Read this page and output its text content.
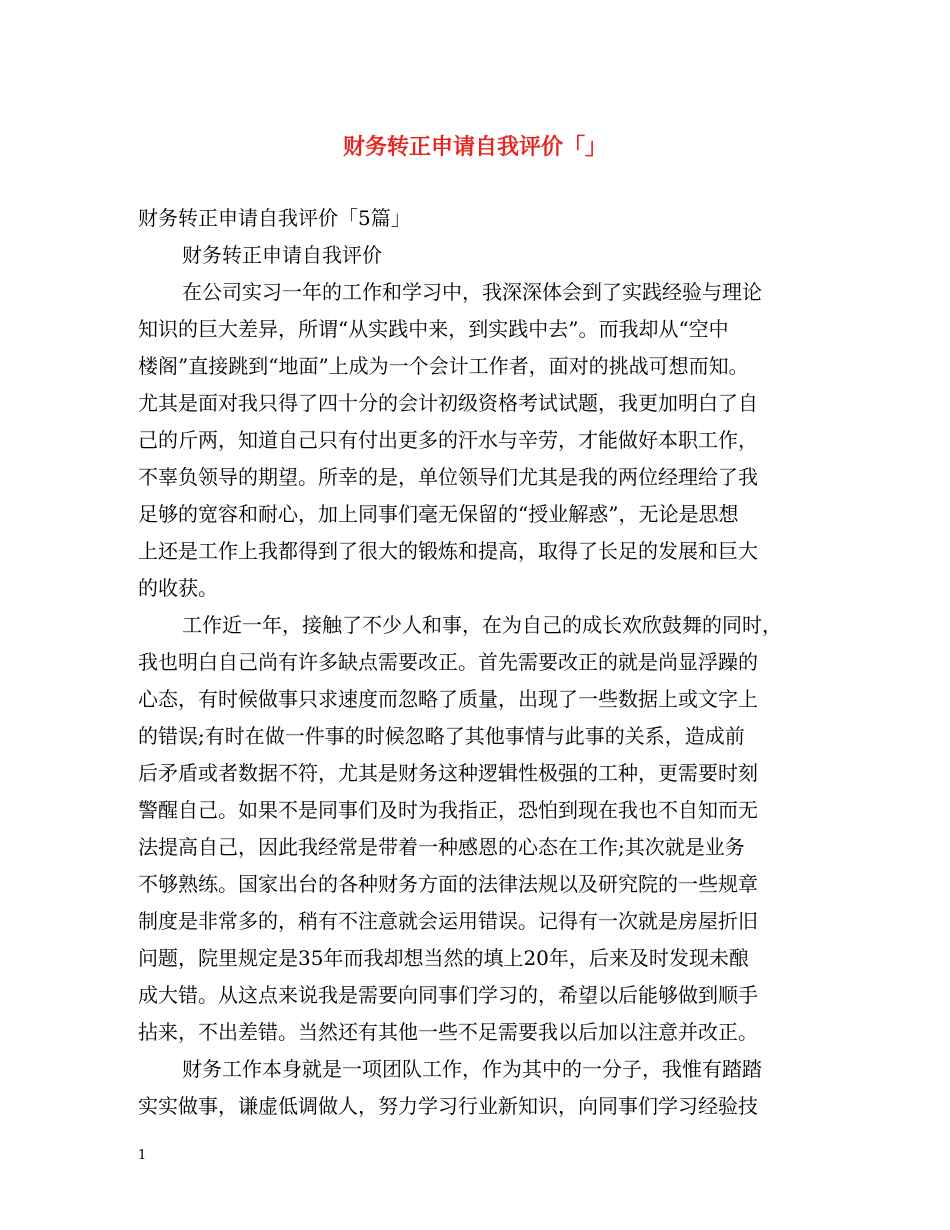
财务转正申请自我评价「」

财务转正申请自我评价「5篇」

财务转正申请自我评价

在公司实习一年的工作和学习中，我深深体会到了实践经验与理论

知识的巨大差异，所谓“从实践中来，到实践中去”。而我却从“空中

楼阁”直接跳到“地面”上成为一个会计工作者，面对的挑战可想而知。

尤其是面对我只得了四十分的会计初级资格考试试题，我更加明白了自

己的斤两，知道自己只有付出更多的汗水与辛劳，才能做好本职工作，

不辜负领导的期望。所幸的是，单位领导们尤其是我的两位经理给了我

足够的宽容和耐心，加上同事们毫无保留的“授业解惑”，无论是思想

上还是工作上我都得到了很大的锻炼和提高，取得了长足的发展和巨大

的收获。

工作近一年，接触了不少人和事，在为自己的成长欢欣鼓舞的同时，

我也明白自己尚有许多缺点需要改正。首先需要改正的就是尚显浮躁的

心态，有时候做事只求速度而忽略了质量，出现了一些数据上或文字上

的错误;有时在做一件事的时候忽略了其他事情与此事的关系，造成前

后矛盾或者数据不符，尤其是财务这种逻辑性极强的工种，更需要时刻

警醒自己。如果不是同事们及时为我指正，恐怕到现在我也不自知而无

法提高自己，因此我经常是带着一种感恩的心态在工作;其次就是业务

不够熟练。国家出台的各种财务方面的法律法规以及研究院的一些规章

制度是非常多的，稍有不注意就会运用错误。记得有一次就是房屋折旧

问题，院里规定是35年而我却想当然的填上20年，后来及时发现未酿

成大错。从这点来说我是需要向同事们学习的，希望以后能够做到顺手

拈来，不出差错。当然还有其他一些不足需要我以后加以注意并改正。

财务工作本身就是一项团队工作，作为其中的一分子，我惟有踏踏

实实做事，谦虚低调做人，努力学习行业新知识，向同事们学习经验技

1
